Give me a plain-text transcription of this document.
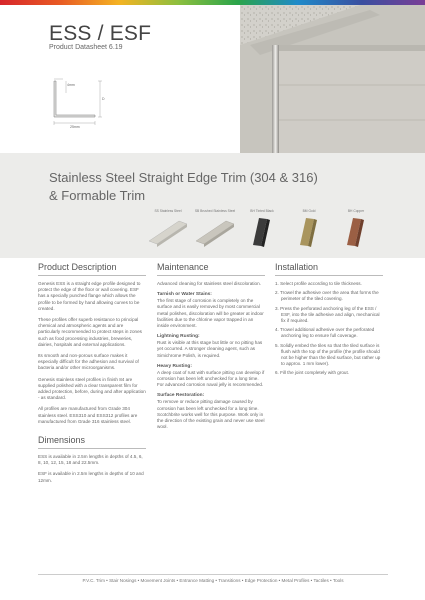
ESS / ESF
Product Datasheet 6.19
4mm
D
25mm
Stainless Steel Straight Edge Trim (304 & 316)
& Formable Trim
SS Stainless Steel	SB Brushed Stainless Steel	BH Tinted Black	BM Gold	BH Copper
Product Description

Genesis ESS is a straight edge profile designed to protect the edge of the floor or wall covering. ESF has a specially punched flange which allows the profile to be formed by hand allowing curves to be created.

These profiles offer superb resistance to principal chemical and atmospheric agents and are particularly recommended to protect steps in zones such as food processing industries, breweries, dairies, hospitals and external applications.

Its smooth and non-porous surface makes it especially difficult for the adhesion and survival of bacteria and/or other microorganisms.

Genesis stainless steel profiles in finish 84 are supplied polished with a clear transparent film for added protection, before, during and after application - as standard.

All profiles are manufactured from Grade 304 stainless steel. ESS310 and ESS312 profiles are manufactured from Grade 316 stainless steel.

Dimensions

ESS is available in 2.5m lengths in depths of 4.5, 6, 8, 10, 12, 15, 18 and 22.5mm.

ESF is available in 2.5m lengths in depths of 10 and 12mm.

Maintenance

Advanced cleaning for stainless steel discoloration.

Tarnish or Water Stains:

The first stage of corrosion is completely on the surface and is easily removed by most commercial metal polishes, discoloration will be greater at indoor facilities due to the chlorine vapor trapped in an inside environment.

Lightning Rusting:

Rust is visible at this stage but little or no pitting has yet occurred. A stronger cleaning agent, such as Simichrome Polish, is required.

Heavy Rusting:

A deep coat of rust with surface pitting can develop if corrosion has been left unchecked for a long time. For advanced corrosion naval jelly is recommended.

Surface Restoration:

To remove or reduce pitting damage caused by corrosion has been left unchecked for a long time. Scotchbrite works well for this purpose. Work only in the direction of the existing grain and never use steel wool.

Installation
1. Select profile according to tile thickness.
2. Trowel the adhesive over the area that forms the perimeter of the tiled covering.
3. Press the perforated anchoring leg of the ESS / ESF, into the tile adhesive and align, mechanical fix if required.
4. Trowel additional adhesive over the perforated anchoring leg to ensure full coverage.
5. Solidly embed the tiles so that the tiled surface is flush with the top of the profile (the profile should not be higher than the tiled surface, but rather up to approx. 1 mm lower).
6. Fill the joint completely with grout.
P.V.C. Trim • Stair Nosings • Movement Joints • Entrance Matting • Transitions • Edge Protection • Metal Profiles • Tactiles • Tools
